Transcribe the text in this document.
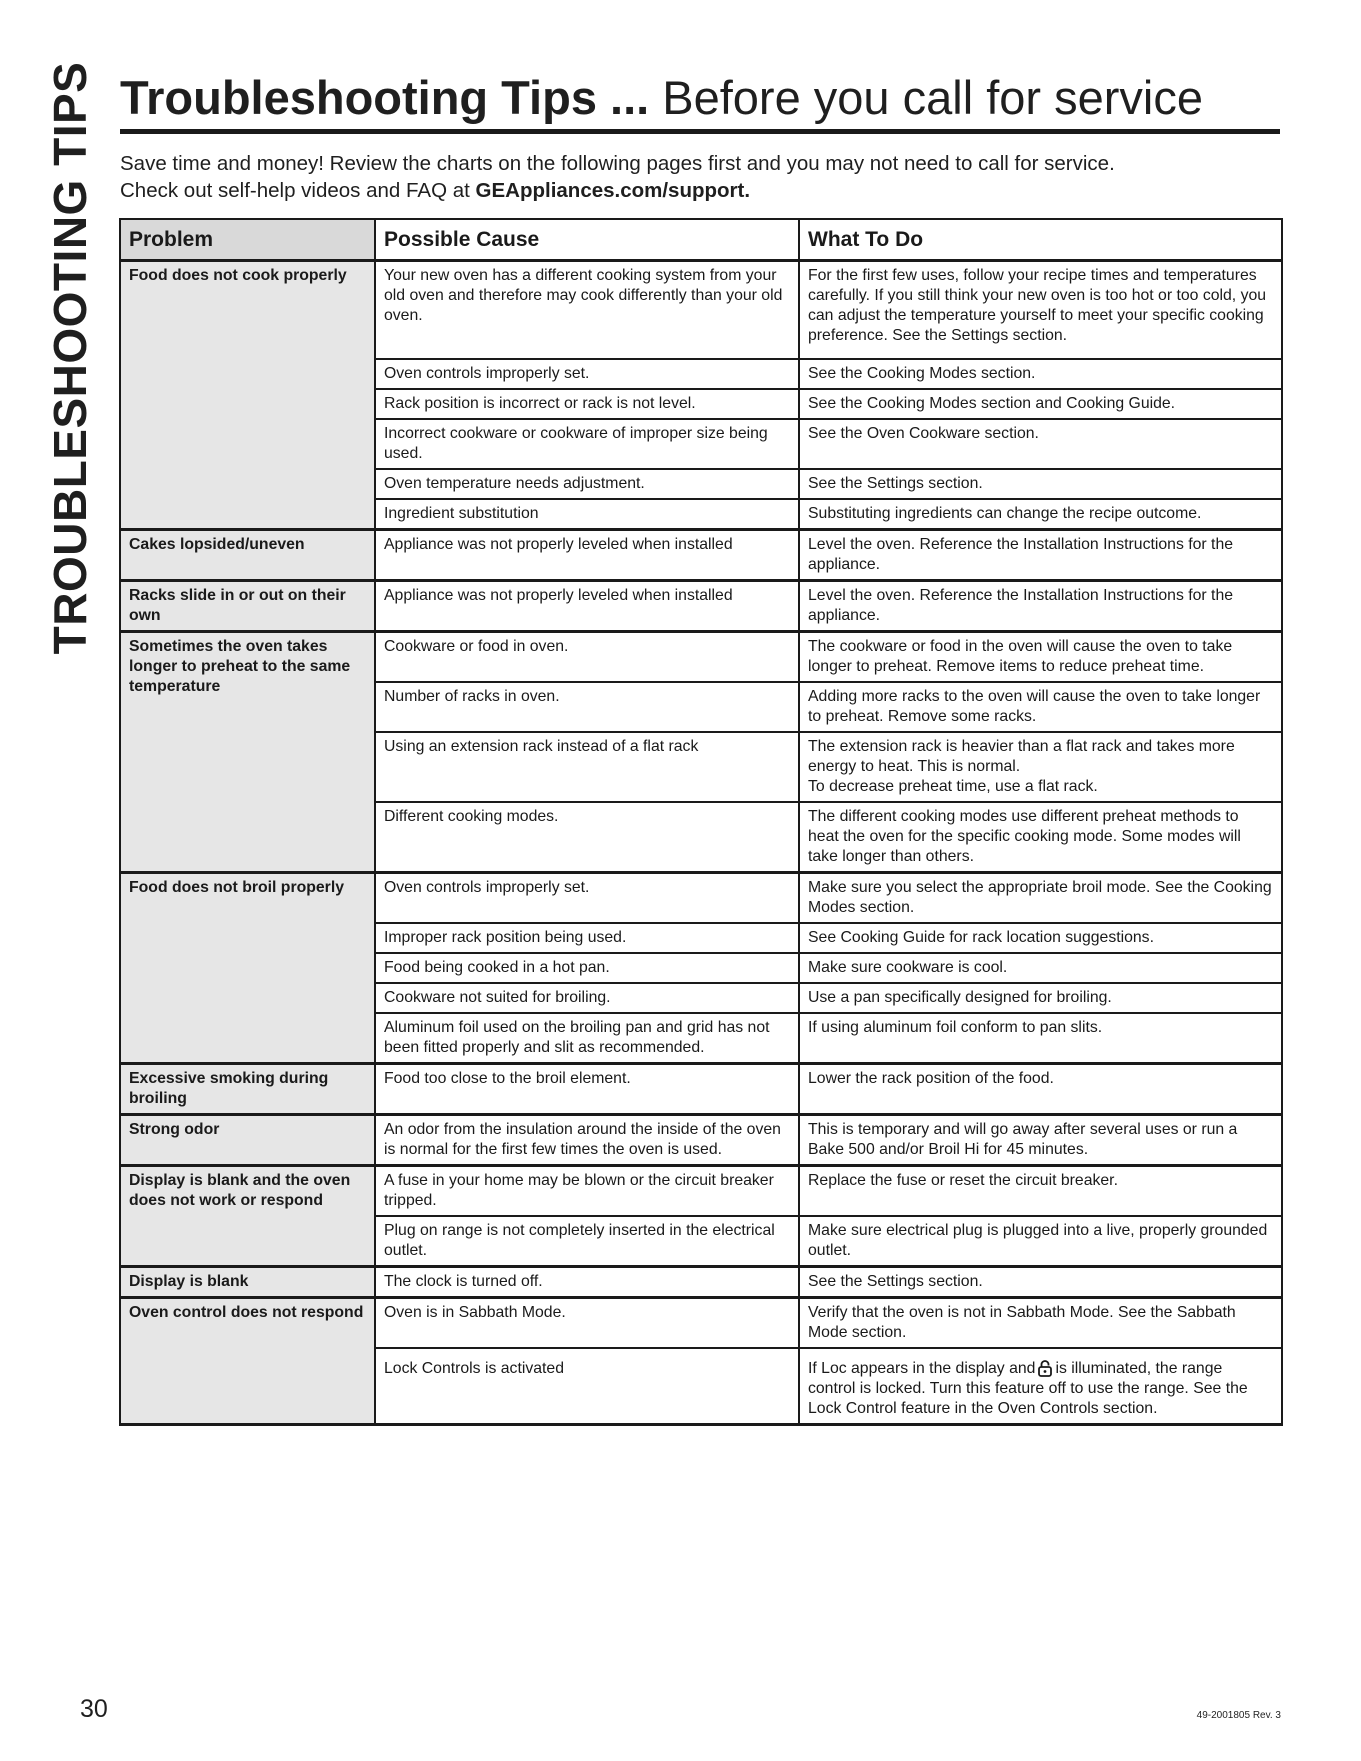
TROUBLESHOOTING TIPS Troubleshooting Tips ... Before you call for service
Save time and money! Review the charts on the following pages first and you may not need to call for service.
Check out self-help videos and FAQ at GEAppliances.com/support.
Problem	Possible Cause	What To Do
Food does not cook properly	Your new oven has a different cooking system from your old oven and therefore may cook differently than your old oven.	For the first few uses, follow your recipe times and temperatures carefully. If you still think your new oven is too hot or too cold, you can adjust the temperature yourself to meet your specific cooking preference. See the Settings section.
	Oven controls improperly set.	See the Cooking Modes section.
	Rack position is incorrect or rack is not level.	See the Cooking Modes section and Cooking Guide.
	Incorrect cookware or cookware of improper size being used.	See the Oven Cookware section.
	Oven temperature needs adjustment.	See the Settings section.
	Ingredient substitution	Substituting ingredients can change the recipe outcome.
Cakes lopsided/uneven	Appliance was not properly leveled when installed	Level the oven. Reference the Installation Instructions for the appliance.
Racks slide in or out on their own	Appliance was not properly leveled when installed	Level the oven. Reference the Installation Instructions for the appliance.
Sometimes the oven takes longer to preheat to the same temperature	Cookware or food in oven.	The cookware or food in the oven will cause the oven to take longer to preheat. Remove items to reduce preheat time.
	Number of racks in oven.	Adding more racks to the oven will cause the oven to take longer to preheat. Remove some racks.
	Using an extension rack instead of a flat rack	The extension rack is heavier than a flat rack and takes more energy to heat. This is normal.
To decrease preheat time, use a flat rack.

	Different cooking modes.	The different cooking modes use different preheat methods to heat the oven for the specific cooking mode. Some modes will take longer than others.
Food does not broil properly	Oven controls improperly set.	Make sure you select the appropriate broil mode. See the Cooking Modes section.
	Improper rack position being used.	See Cooking Guide for rack location suggestions.
	Food being cooked in a hot pan.	Make sure cookware is cool.
	Cookware not suited for broiling.	Use a pan specifically designed for broiling.
	Aluminum foil used on the broiling pan and grid has not been fitted properly and slit as recommended.	If using aluminum foil conform to pan slits.
Excessive smoking during broiling	Food too close to the broil element.	Lower the rack position of the food.
Strong odor	An odor from the insulation around the inside of the oven is normal for the first few times the oven is used.	This is temporary and will go away after several uses or run a Bake 500 and/or Broil Hi for 45 minutes.
Display is blank and the oven does not work or respond	A fuse in your home may be blown or the circuit breaker tripped.	Replace the fuse or reset the circuit breaker.
	Plug on range is not completely inserted in the electrical outlet.	Make sure electrical plug is plugged into a live, properly grounded outlet.
Display is blank	The clock is turned off.	See the Settings section.
Oven control does not respond	Oven is in Sabbath Mode.	Verify that the oven is not in Sabbath Mode. See the Sabbath Mode section.
	Lock Controls is activated	If Loc appears in the display and is illuminated, the range control is locked. Turn this feature off to use the range. See the Lock Control feature in the Oven Controls section.
30	49-2001805 Rev. 3
